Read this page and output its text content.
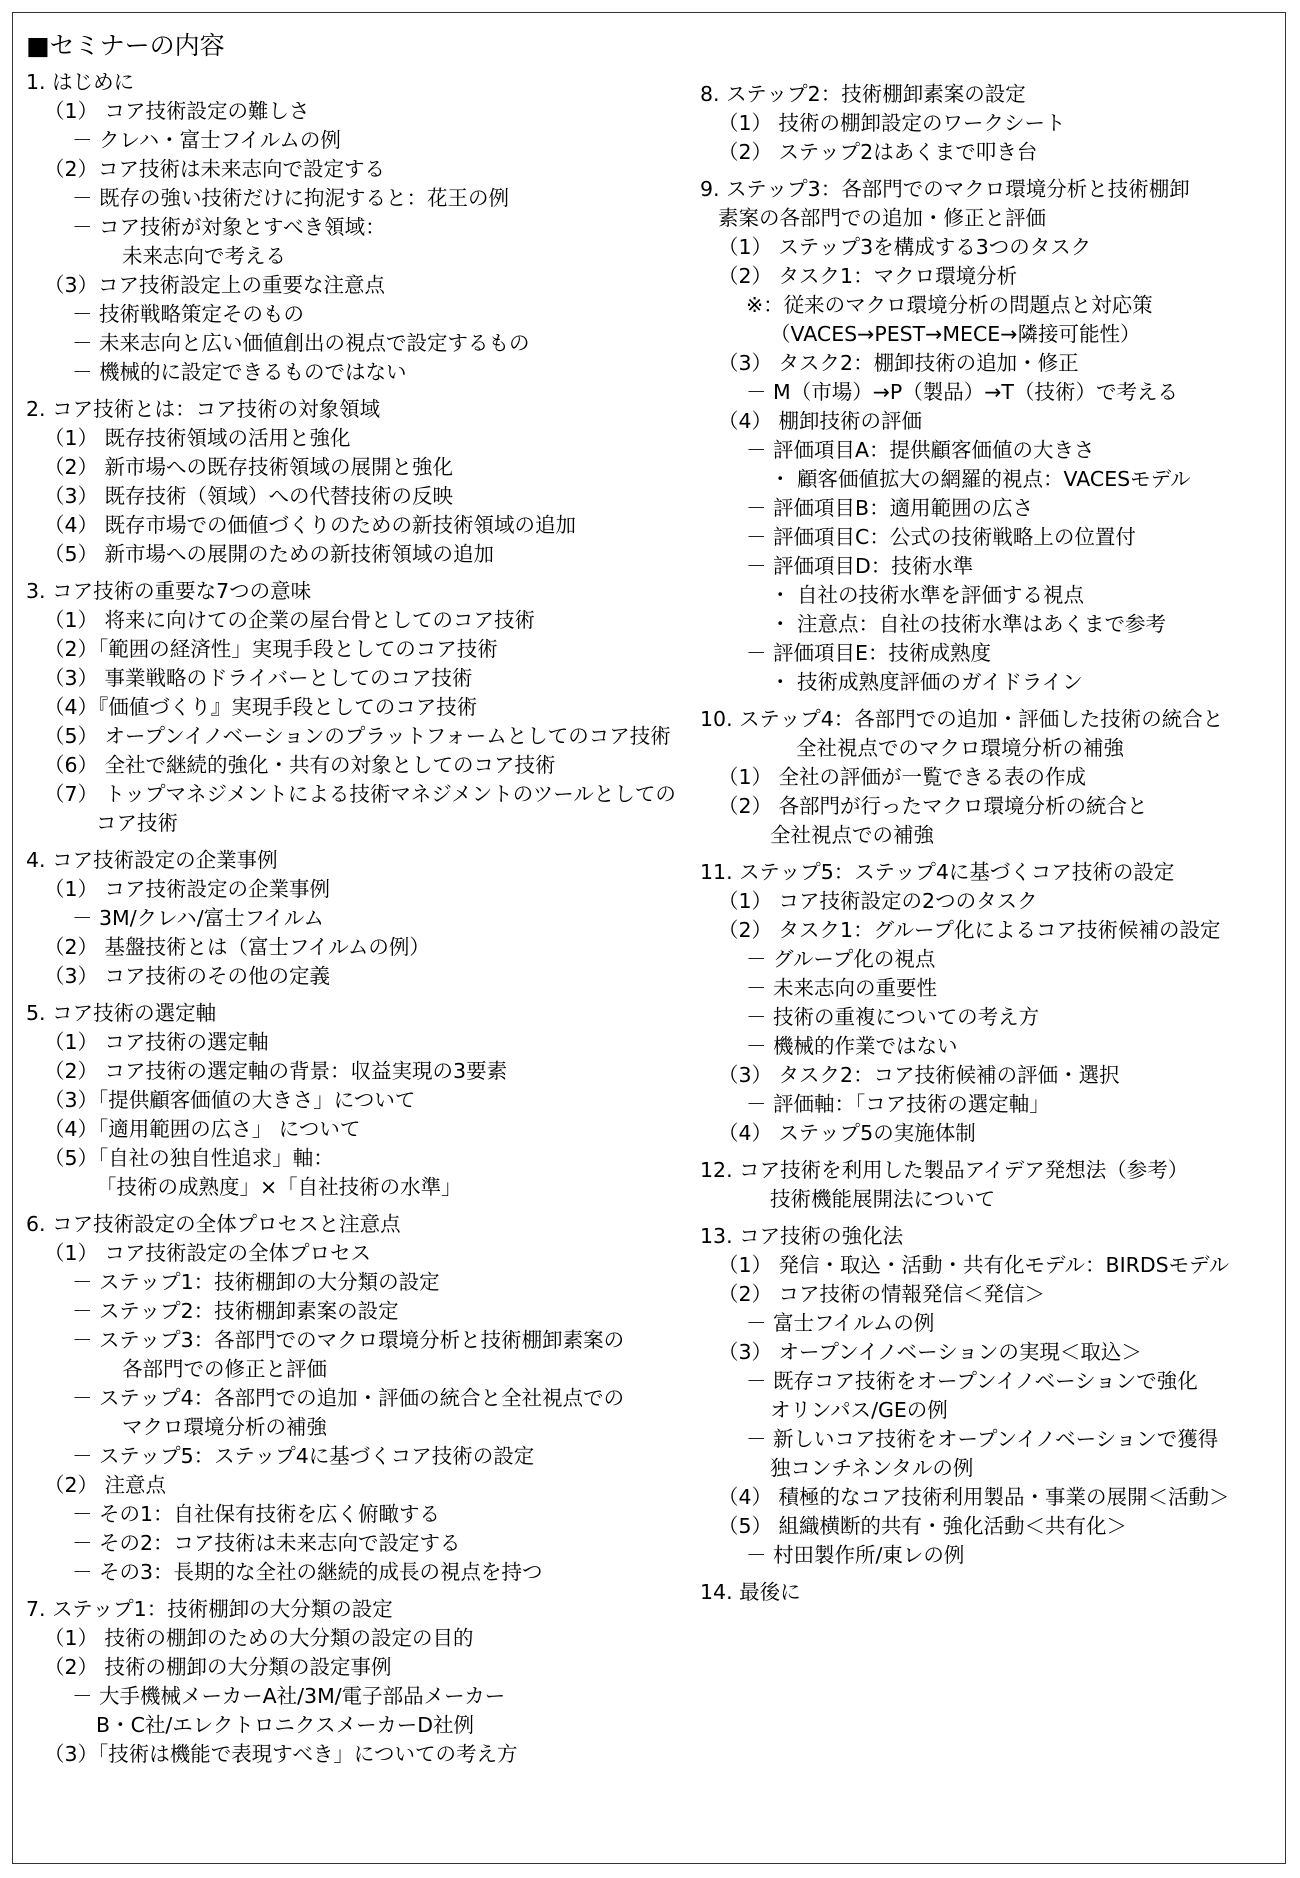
■セミナーの内容
1. はじめに
（1） コア技術設定の難しさ
－ クレハ・富士フイルムの例
（2）コア技術は未来志向で設定する
－ 既存の強い技術だけに拘泥すると：花王の例
－ コア技術が対象とすべき領域：
未来志向で考える
（3）コア技術設定上の重要な注意点
－ 技術戦略策定そのもの
－ 未来志向と広い価値創出の視点で設定するもの
－ 機械的に設定できるものではない
2. コア技術とは：コア技術の対象領域
（1） 既存技術領域の活用と強化
（2） 新市場への既存技術領域の展開と強化
（3） 既存技術（領域）への代替技術の反映
（4） 既存市場での価値づくりのための新技術領域の追加
（5） 新市場への展開のための新技術領域の追加
3. コア技術の重要な7つの意味
（1） 将来に向けての企業の屋台骨としてのコア技術
（2）「範囲の経済性」実現手段としてのコア技術
（3） 事業戦略のドライバーとしてのコア技術
（4）『価値づくり』実現手段としてのコア技術
（5） オープンイノベーションのプラットフォームとしてのコア技術
（6） 全社で継続的強化・共有の対象としてのコア技術
（7） トップマネジメントによる技術マネジメントのツールとしての
コア技術
4. コア技術設定の企業事例
（1） コア技術設定の企業事例
－ 3M/クレハ/富士フイルム
（2） 基盤技術とは（富士フイルムの例）
（3） コア技術のその他の定義
5. コア技術の選定軸
（1） コア技術の選定軸
（2） コア技術の選定軸の背景：収益実現の3要素
（3）「提供顧客価値の大きさ」について
（4）「適用範囲の広さ」 について
（5）「自社の独自性追求」軸：
「技術の成熟度」×「自社技術の水準」
6. コア技術設定の全体プロセスと注意点
（1） コア技術設定の全体プロセス
－ ステップ1：技術棚卸の大分類の設定
－ ステップ2：技術棚卸素案の設定
－ ステップ3：各部門でのマクロ環境分析と技術棚卸素案の
各部門での修正と評価
－ ステップ4：各部門での追加・評価の統合と全社視点での
マクロ環境分析の補強
－ ステップ5：ステップ4に基づくコア技術の設定
（2） 注意点
－ その1：自社保有技術を広く俯瞰する
－ その2：コア技術は未来志向で設定する
－ その3：長期的な全社の継続的成長の視点を持つ
7. ステップ1：技術棚卸の大分類の設定
（1） 技術の棚卸のための大分類の設定の目的
（2） 技術の棚卸の大分類の設定事例
－ 大手機械メーカーA社/3M/電子部品メーカー
B・C社/エレクトロニクスメーカーD社例
（3）「技術は機能で表現すべき」についての考え方
8. ステップ2：技術棚卸素案の設定
（1） 技術の棚卸設定のワークシート
（2） ステップ2はあくまで叩き台
9. ステップ3：各部門でのマクロ環境分析と技術棚卸
素案の各部門での追加・修正と評価
（1） ステップ3を構成する3つのタスク
（2） タスク1：マクロ環境分析
※：従来のマクロ環境分析の問題点と対応策
（VACES→PEST→MECE→隣接可能性）
（3） タスク2：棚卸技術の追加・修正
－ M（市場）→P（製品）→T（技術）で考える
（4） 棚卸技術の評価
－ 評価項目A：提供顧客価値の大きさ
・ 顧客価値拡大の網羅的視点：VACESモデル
－ 評価項目B：適用範囲の広さ
－ 評価項目C：公式の技術戦略上の位置付
－ 評価項目D：技術水準
・ 自社の技術水準を評価する視点
・ 注意点：自社の技術水準はあくまで参考
－ 評価項目E：技術成熟度
・ 技術成熟度評価のガイドライン
10. ステップ4：各部門での追加・評価した技術の統合と
全社視点でのマクロ環境分析の補強
（1） 全社の評価が一覧できる表の作成
（2） 各部門が行ったマクロ環境分析の統合と
全社視点での補強
11. ステップ5：ステップ4に基づくコア技術の設定
（1） コア技術設定の2つのタスク
（2） タスク1：グループ化によるコア技術候補の設定
－ グループ化の視点
－ 未来志向の重要性
－ 技術の重複についての考え方
－ 機械的作業ではない
（3） タスク2：コア技術候補の評価・選択
－ 評価軸：「コア技術の選定軸」
（4） ステップ5の実施体制
12. コア技術を利用した製品アイデア発想法（参考）
技術機能展開法について
13. コア技術の強化法
（1） 発信・取込・活動・共有化モデル：BIRDSモデル
（2） コア技術の情報発信＜発信＞
－ 富士フイルムの例
（3） オープンイノベーションの実現＜取込＞
－ 既存コア技術をオープンイノベーションで強化
オリンパス/GEの例
－ 新しいコア技術をオープンイノベーションで獲得
独コンチネンタルの例
（4） 積極的なコア技術利用製品・事業の展開＜活動＞
（5） 組織横断的共有・強化活動＜共有化＞
－ 村田製作所/東レの例
14. 最後に
